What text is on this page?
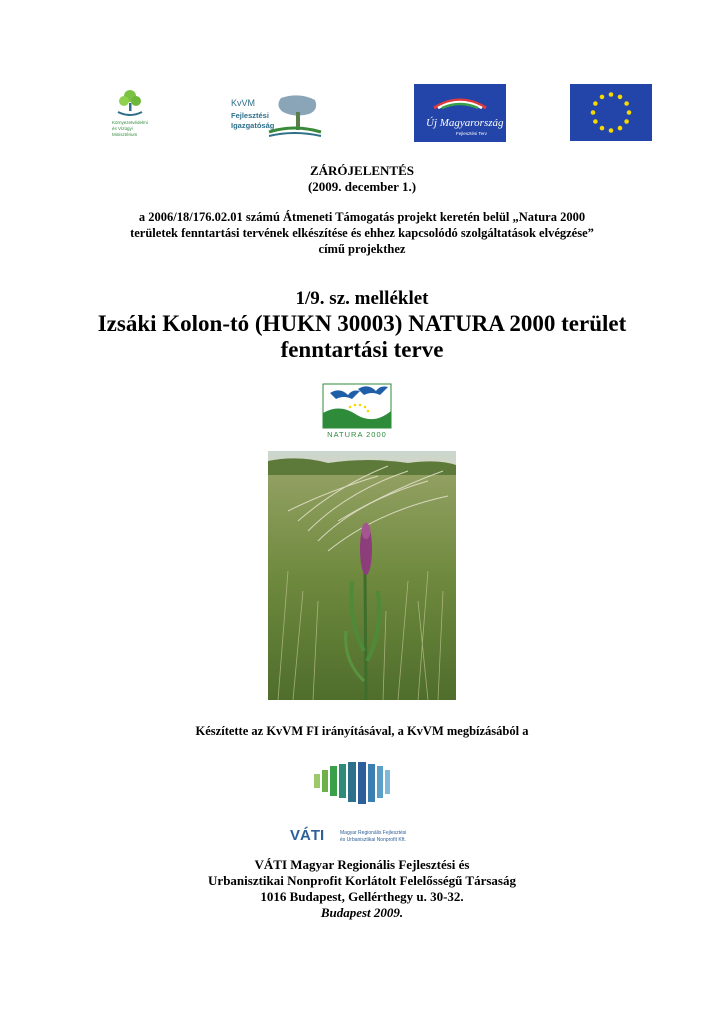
Környezetvédelmi
és Vízügyi
Minisztérium
KvVM
Fejlesztési
Igazgatóság	Új Magyarország
Fejlesztési Terv
ZÁRÓJELENTÉS
(2009. december 1.)
a 2006/18/176.02.01 számú Átmeneti Támogatás projekt keretén belül „Natura 2000
területek fenntartási tervének elkészítése és ehhez kapcsolódó szolgáltatások elvégzése”
című projekthez
1/9. sz. melléklet
Izsáki Kolon-tó (HUKN 30003) NATURA 2000 terület
fenntartási terve
NATURA 2000
Készítette az KvVM FI irányításával, a KvVM megbízásából a
VÁTI	Magyar Regionális Fejlesztési
és Urbanisztikai Nonprofit Kft.
VÁTI Magyar Regionális Fejlesztési és
Urbanisztikai Nonprofit Korlátolt Felelősségű Társaság
1016 Budapest, Gellérthegy u. 30-32.
Budapest 2009.
